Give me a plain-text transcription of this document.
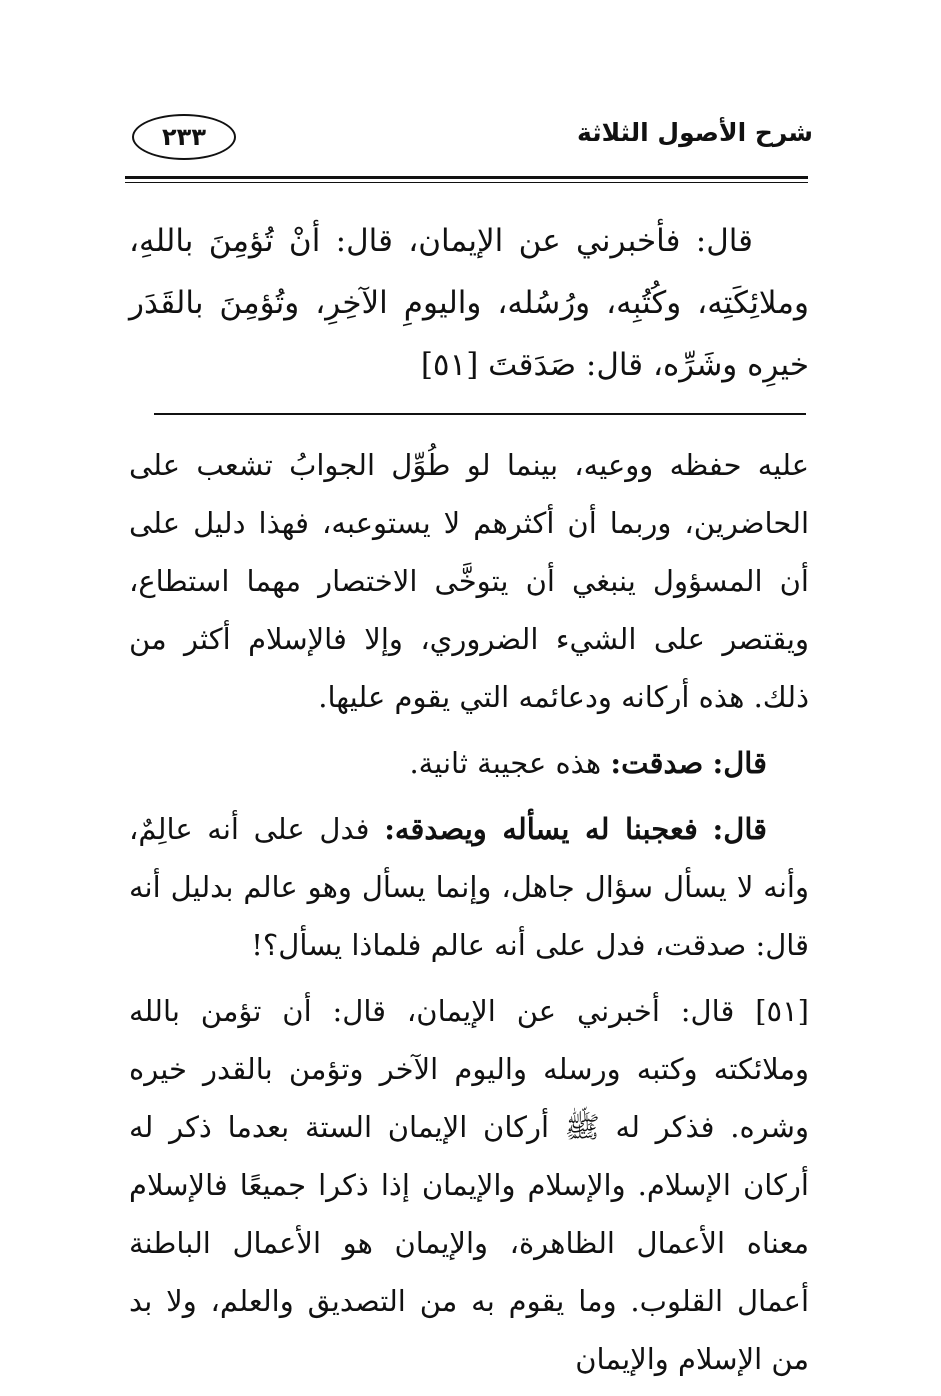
شرح الأصول الثلاثة
٢٣٣

قال: فأخبرني عن الإيمان، قال: أنْ تُؤمِنَ باللهِ، وملائِكَتِه، وكُتُبِه، ورُسُله، واليومِ الآخِرِ، وتُؤمِنَ بالقَدَر خيرِه وشَرِّه، قال: صَدَقتَ [٥١]

عليه حفظه ووعيه، بينما لو طُوِّل الجوابُ تشعب على الحاضرين، وربما أن أكثرهم لا يستوعبه، فهذا دليل على أن المسؤول ينبغي أن يتوخَّى الاختصار مهما استطاع، ويقتصر على الشيء الضروري، وإلا فالإسلام أكثر من ذلك. هذه أركانه ودعائمه التي يقوم عليها.

قال: صدقت: هذه عجيبة ثانية.

قال: فعجبنا له يسأله ويصدقه: فدل على أنه عالِمٌ، وأنه لا يسأل سؤال جاهل، وإنما يسأل وهو عالم بدليل أنه قال: صدقت، فدل على أنه عالم فلماذا يسأل؟!

[٥١] قال: أخبرني عن الإيمان، قال: أن تؤمن بالله وملائكته وكتبه ورسله واليوم الآخر وتؤمن بالقدر خيره وشره. فذكر له ﷺ أركان الإيمان الستة بعدما ذكر له أركان الإسلام. والإسلام والإيمان إذا ذكرا جميعًا فالإسلام معناه الأعمال الظاهرة، والإيمان هو الأعمال الباطنة أعمال القلوب. وما يقوم به من التصديق والعلم، ولا بد من الإسلام والإيمان
